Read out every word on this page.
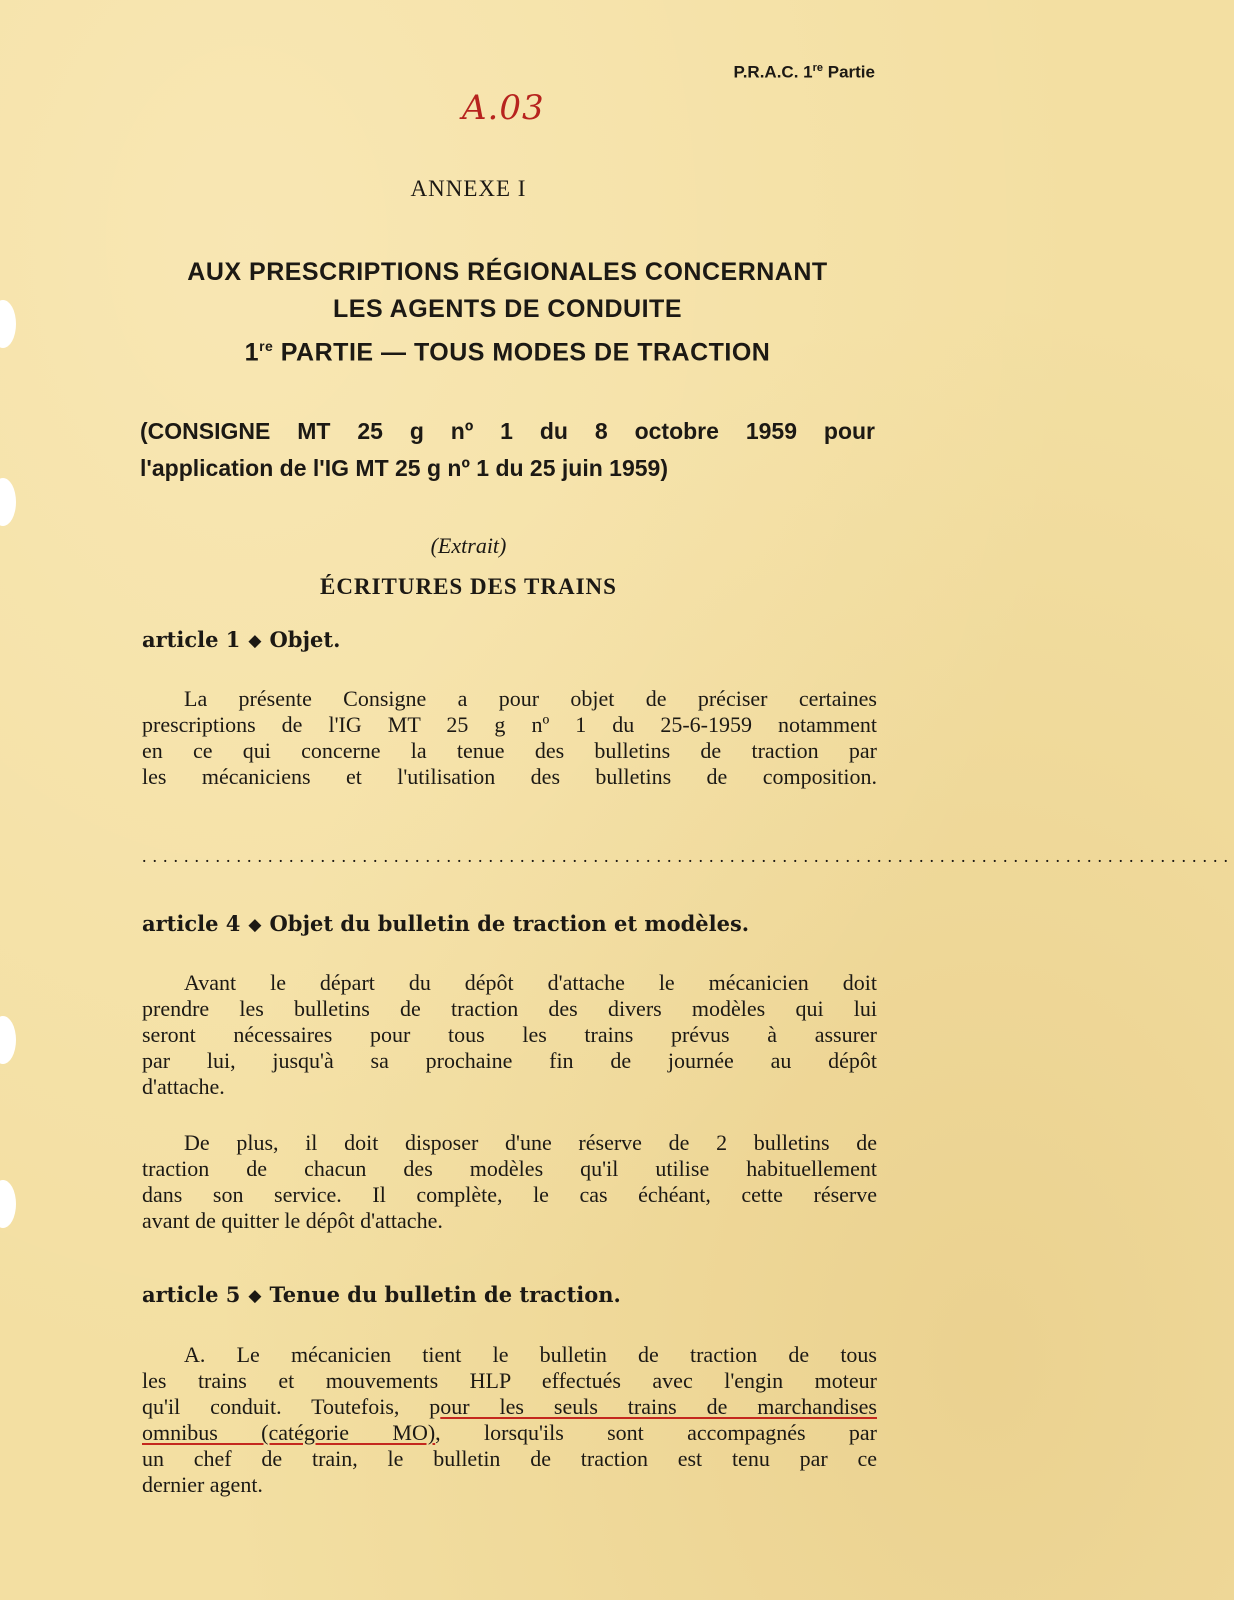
P.R.A.C. 1re Partie
A.03
ANNEXE I
AUX PRESCRIPTIONS RÉGIONALES CONCERNANT
LES AGENTS DE CONDUITE
1re PARTIE — TOUS MODES DE TRACTION
(CONSIGNE MT 25 g nº 1 du 8 octobre 1959 pour
l'application de l'IG MT 25 g nº 1 du 25 juin 1959)
(Extrait)
ÉCRITURES DES TRAINS
article 1 ◆ Objet.
La présente Consigne a pour objet de préciser certaines
prescriptions de l'IG MT 25 g nº 1 du 25-6-1959 notamment
en ce qui concerne la tenue des bulletins de traction par
les mécaniciens et l'utilisation des bulletins de composition.
........................................................................................................
article 4 ◆ Objet du bulletin de traction et modèles.
Avant le départ du dépôt d'attache le mécanicien doit
prendre les bulletins de traction des divers modèles qui lui
seront nécessaires pour tous les trains prévus à assurer
par lui, jusqu'à sa prochaine fin de journée au dépôt
d'attache.
De plus, il doit disposer d'une réserve de 2 bulletins de
traction de chacun des modèles qu'il utilise habituellement
dans son service. Il complète, le cas échéant, cette réserve
avant de quitter le dépôt d'attache.
article 5 ◆ Tenue du bulletin de traction.
A. Le mécanicien tient le bulletin de traction de tous
les trains et mouvements HLP effectués avec l'engin moteur
qu'il conduit. Toutefois, pour les seuls trains de marchandises
omnibus (catégorie MO), lorsqu'ils sont accompagnés par
un chef de train, le bulletin de traction est tenu par ce
dernier agent.
